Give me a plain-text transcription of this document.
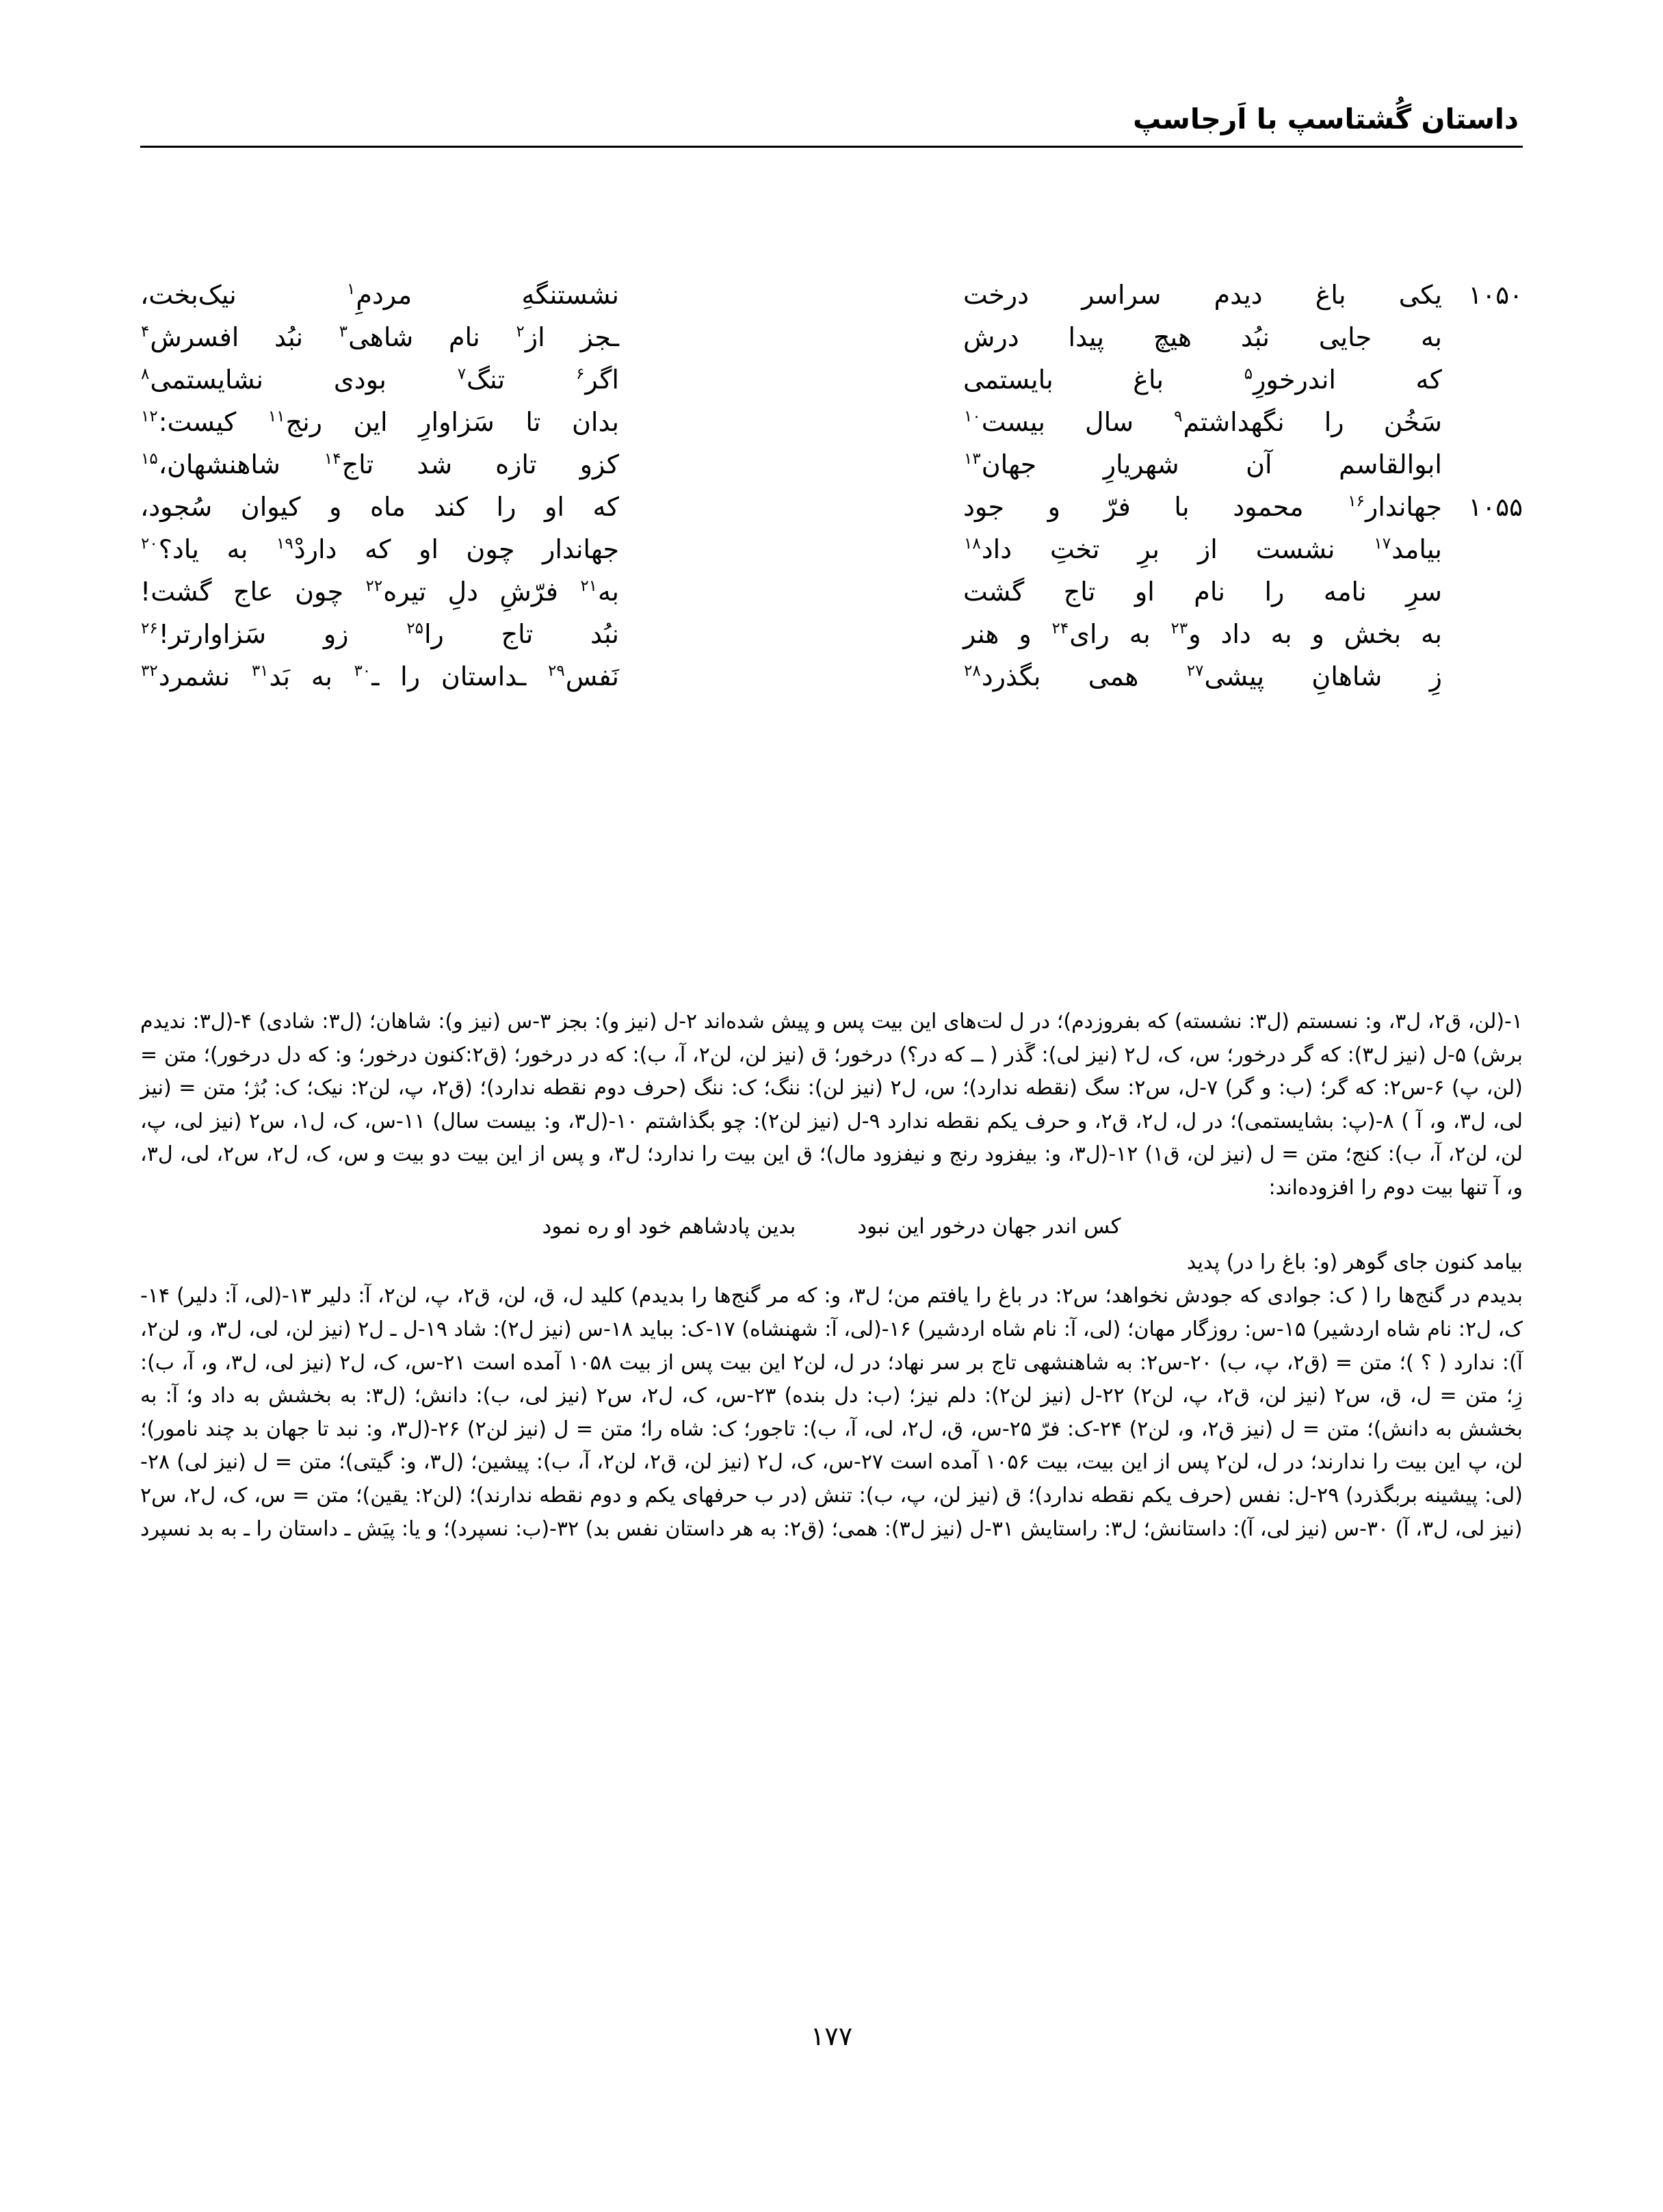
داستان گُشتاسپ با اَرجاسپ
۱۰۵۰
یکی باغ دیدم سراسر درخت
نشستنگهِ مردمِ$^۱$ نیک‌بخت،
به جایی نبُد هیچ پیدا درش
ـجز از$^۲$ نام شاهی$^۳$ نبُد افسرش$^۴$
که اندرخورِ$^۵$ باغ بایستمی
اگر$^۶$ تنگ$^۷$ بودی نشایستمی$^۸$
سَخُن را نگهداشتم$^۹$ سال بیست$^{۱۰}$
بدان تا سَزاوارِ این رنج$^{۱۱}$ کیست:$^{۱۲}$
ابوالقاسم آن شهریارِ جهان$^{۱۳}$
کزو تازه شد تاج$^{۱۴}$ شاهنشهان،$^{۱۵}$
۱۰۵۵
جهاندار$^{۱۶}$ محمود با فرّ و جود
که او را کند ماه و کیوان سُجود،
بیامد$^{۱۷}$ نشست از برِ تختِ داد$^{۱۸}$
جهاندار چون او که داردْ$^{۱۹}$ به یاد؟$^{۲۰}$
سرِ نامه را نام او تاج گشت
به$^{۲۱}$ فرّشِ دلِ تیره$^{۲۲}$ چون عاج گشت!
به بخش و به داد و$^{۲۳}$ به رای$^{۲۴}$ و هنر
نبُد تاج را$^{۲۵}$ زو سَزاوارتر!$^{۲۶}$
زِ شاهانِ پیشی$^{۲۷}$ همی بگذرد$^{۲۸}$
نَفس$^{۲۹}$ ـداستان را ـ$^{۳۰}$ به بَد$^{۳۱}$ نشمرد$^{۳۲}$

۱-(لن، ق۲، ل۳، و: نسستم (ل۳: نشسته) که بفروزدم)؛ در ل لت‌های این بیت پس و پیش شده‌اند ۲-ل (نیز و): بجز ۳-س (نیز و): شاهان؛ (ل۳: شادی) ۴-(ل۳: ندیدم برش) ۵-ل (نیز ل۳): که گر درخور؛ س، ک، ل۲ (نیز لی): گَذر ( ــ که در؟) درخور؛ ق (نیز لن، لن۲، آ، ب): که در درخور؛ (ق۲:کنون درخور؛ و: که دل درخور)؛ متن = (لن، پ) ۶-س۲: که گر؛ (ب: و گر) ۷-ل، س۲: سگ (نقطه ندارد)؛ س، ل۲ (نیز لن): ننگ؛ ک: ننگ (حرف دوم نقطه ندارد)؛ (ق۲، پ، لن۲: نیک؛ ک: بُژ؛ متن = (نیز لی، ل۳، و، آ ) ۸-(پ: بشایستمی)؛ در ل، ل۲، ق۲، و حرف یکم نقطه ندارد ۹-ل (نیز لن۲): چو بگذاشتم ۱۰-(ل۳، و: بیست سال) ۱۱-س، ک، ل۱، س۲ (نیز لی، پ، لن، لن۲، آ، ب): کنج؛ متن = ل (نیز لن، ق۱) ۱۲-(ل۳، و: بیفزود رنج و نیفزود مال)؛ ق این بیت را ندارد؛ ل۳، و پس از این بیت دو بیت و س، ک، ل۲، س۲، لی، ل۳، و، آ تنها بیت دوم را افزوده‌اند:

کس اندر جهان درخور این نبود
بدین پادشاهم خود او ره نمود

بیامد کنون جای گوهر (و: باغ را در) پدید

بدیدم در گنج‌ها را ( ک: جوادی که جودش نخواهد؛ س۲: در باغ را یافتم من؛ ل۳، و: که مر گنج‌ها را بدیدم) کلید ل، ق، لن، ق۲، پ، لن۲، آ: دلیر ۱۳-(لی، آ: دلیر) ۱۴-ک، ل۲: نام شاه اردشیر) ۱۵-س: روزگار مهان؛ (لی، آ: نام شاه اردشیر) ۱۶-(لی، آ: شهنشاه) ۱۷-ک: بباید ۱۸-س (نیز ل۲): شاد ۱۹-ل ـ ل۲ (نیز لن، لی، ل۳، و، لن۲، آ): ندارد ( ؟ )؛ متن = (ق۲، پ، ب) ۲۰-س۲: به شاهنشهی تاج بر سر نهاد؛ در ل، لن۲ این بیت پس از بیت ۱۰۵۸ آمده است ۲۱-س، ک، ل۲ (نیز لی، ل۳، و، آ، ب): زِ؛ متن = ل، ق، س۲ (نیز لن، ق۲، پ، لن۲) ۲۲-ل (نیز لن۲): دلم نیز؛ (ب: دل بنده) ۲۳-س، ک، ل۲، س۲ (نیز لی، ب): دانش؛ (ل۳: به بخشش به داد و؛ آ: به بخشش به دانش)؛ متن = ل (نیز ق۲، و، لن۲) ۲۴-ک: فرّ ۲۵-س، ق، ل۲، لی، آ، ب): تاجور؛ ک: شاه را؛ متن = ل (نیز لن۲) ۲۶-(ل۳، و: نبد تا جهان بد چند نامور)؛ لن، پ این بیت را ندارند؛ در ل، لن۲ پس از این بیت، بیت ۱۰۵۶ آمده است ۲۷-س، ک، ل۲ (نیز لن، ق۲، لن۲، آ، ب): پیشین؛ (ل۳، و: گیتی)؛ متن = ل (نیز لی) ۲۸-(لی: پیشینه بربگذرد) ۲۹-ل: نفس (حرف یکم نقطه ندارد)؛ ق (نیز لن، پ، ب): تنش (در ب حرفهای یکم و دوم نقطه ندارند)؛ (لن۲: یقین)؛ متن = س، ک، ل۲، س۲ (نیز لی، ل۳، آ) ۳۰-س (نیز لی، آ): داستانش؛ ل۳: راستایش ۳۱-ل (نیز ل۳): همی؛ (ق۲: به هر داستان نفس بد) ۳۲-(ب: نسپرد)؛ و یا: پیَش ـ داستان را ـ به بد نسپرد

۱۷۷
